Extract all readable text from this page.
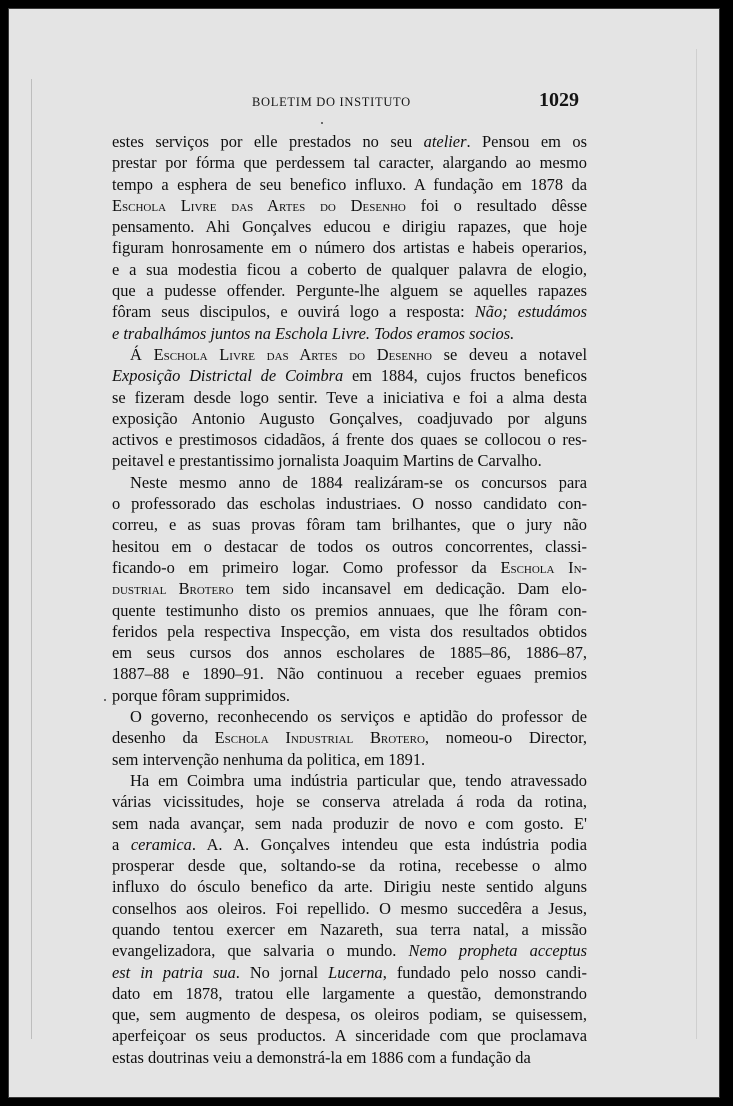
BOLETIM DO INSTITUTO	1029

estes serviços por elle prestados no seu atelier. Pensou em os
prestar por fórma que perdessem tal caracter, alargando ao mesmo
tempo a esphera de seu benefico influxo. A fundação em 1878 da
Eschola Livre das Artes do Desenho foi o resultado dêsse
pensamento. Ahi Gonçalves educou e dirigiu rapazes, que hoje
figuram honrosamente em o número dos artistas e habeis operarios,
e a sua modestia ficou a coberto de qualquer palavra de elogio,
que a pudesse offender. Pergunte-lhe alguem se aquelles rapazes
fôram seus discipulos, e ouvirá logo a resposta: Não; estudámos
e trabalhámos juntos na Eschola Livre. Todos eramos socios.

Á Eschola Livre das Artes do Desenho se deveu a notavel
Exposição Districtal de Coimbra em 1884, cujos fructos beneficos
se fizeram desde logo sentir. Teve a iniciativa e foi a alma desta
exposição Antonio Augusto Gonçalves, coadjuvado por alguns
activos e prestimosos cidadãos, á frente dos quaes se collocou o res-
peitavel e prestantissimo jornalista Joaquim Martins de Carvalho.

Neste mesmo anno de 1884 realizáram-se os concursos para
o professorado das escholas industriaes. O nosso candidato con-
correu, e as suas provas fôram tam brilhantes, que o jury não
hesitou em o destacar de todos os outros concorrentes, classi-
ficando-o em primeiro logar. Como professor da Eschola In-
dustrial Brotero tem sido incansavel em dedicação. Dam elo-
quente testimunho disto os premios annuaes, que lhe fôram con-
feridos pela respectiva Inspecção, em vista dos resultados obtidos
em seus cursos dos annos escholares de 1885–86, 1886–87,
1887–88 e 1890–91. Não continuou a receber eguaes premios
porque fôram supprimidos.

O governo, reconhecendo os serviços e aptidão do professor de
desenho da Eschola Industrial Brotero, nomeou-o Director,
sem intervenção nenhuma da politica, em 1891.

Ha em Coimbra uma indústria particular que, tendo atravessado
várias vicissitudes, hoje se conserva atrelada á roda da rotina,
sem nada avançar, sem nada produzir de novo e com gosto. E'
a ceramica. A. A. Gonçalves intendeu que esta indústria podia
prosperar desde que, soltando-se da rotina, recebesse o almo
influxo do ósculo benefico da arte. Dirigiu neste sentido alguns
conselhos aos oleiros. Foi repellido. O mesmo succedêra a Jesus,
quando tentou exercer em Nazareth, sua terra natal, a missão
evangelizadora, que salvaria o mundo. Nemo propheta acceptus
est in patria sua. No jornal Lucerna, fundado pelo nosso candi-
dato em 1878, tratou elle largamente a questão, demonstrando
que, sem augmento de despesa, os oleiros podiam, se quisessem,
aperfeiçoar os seus productos. A sinceridade com que proclamava
estas doutrinas veiu a demonstrá-la em 1886 com a fundação da
